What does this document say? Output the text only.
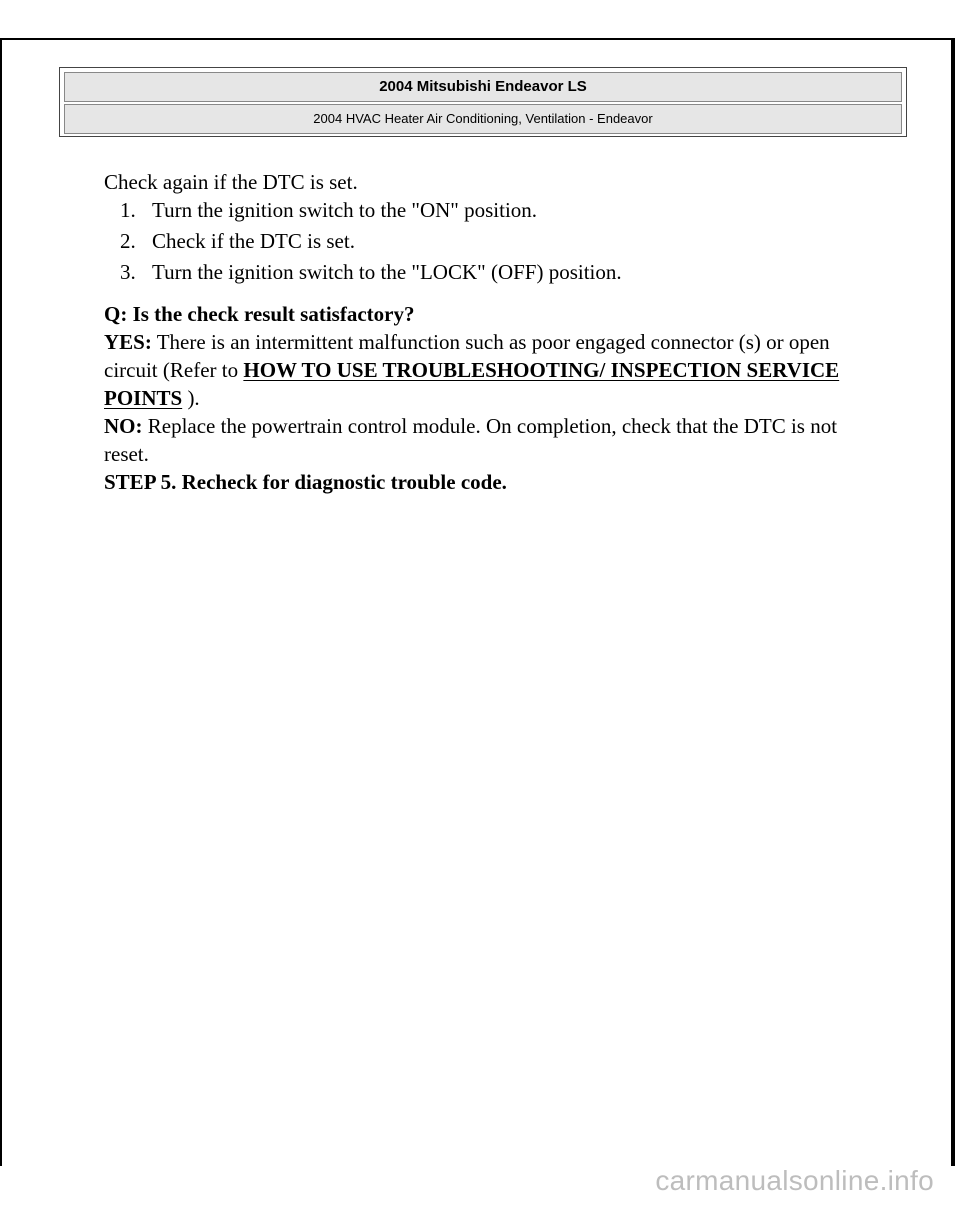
2004 Mitsubishi Endeavor LS
2004 HVAC Heater Air Conditioning, Ventilation - Endeavor

Check again if the DTC is set.

1. Turn the ignition switch to the "ON" position.
2. Check if the DTC is set.
3. Turn the ignition switch to the "LOCK" (OFF) position.

Q: Is the check result satisfactory?

YES: There is an intermittent malfunction such as poor engaged connector (s) or open circuit (Refer to HOW TO USE TROUBLESHOOTING/ INSPECTION SERVICE POINTS ).

NO: Replace the powertrain control module. On completion, check that the DTC is not reset.

STEP 5. Recheck for diagnostic trouble code.

carmanualsonline.info
